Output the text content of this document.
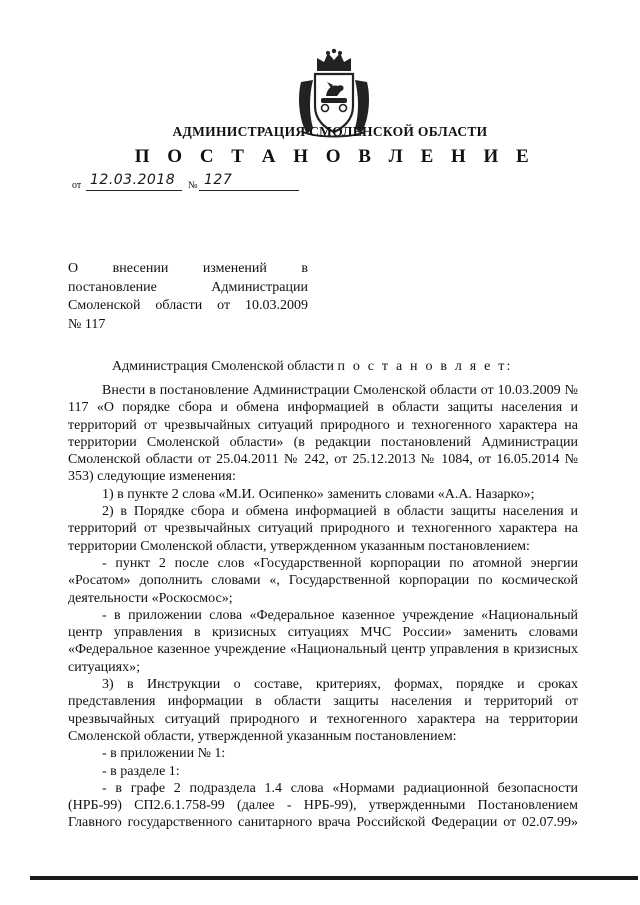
АДМИНИСТРАЦИЯ СМОЛЕНСКОЙ ОБЛАСТИ
П О С Т А Н О В Л Е Н И Е
от 12.03.2018 № 127
О внесении изменений в
постановление Администрации
Смоленской области от 10.03.2009
№ 117
Администрация Смоленской области п о с т а н о в л я е т:

Внести в постановление Администрации Смоленской области от 10.03.2009 № 117 «О порядке сбора и обмена информацией в области защиты населения и территорий от чрезвычайных ситуаций природного и техногенного характера на территории Смоленской области» (в редакции постановлений Администрации Смоленской области от 25.04.2011 № 242, от 25.12.2013 № 1084, от 16.05.2014 № 353) следующие изменения:

1) в пункте 2 слова «М.И. Осипенко» заменить словами «А.А. Назарко»;

2) в Порядке сбора и обмена информацией в области защиты населения и территорий от чрезвычайных ситуаций природного и техногенного характера на территории Смоленской области, утвержденном указанным постановлением:

- пункт 2 после слов «Государственной корпорации по атомной энергии «Росатом» дополнить словами «, Государственной корпорации по космической деятельности «Роскосмос»;

- в приложении слова «Федеральное казенное учреждение «Национальный центр управления в кризисных ситуациях МЧС России» заменить словами «Федеральное казенное учреждение «Национальный центр управления в кризисных ситуациях»;

3) в Инструкции о составе, критериях, формах, порядке и сроках представления информации в области защиты населения и территорий от чрезвычайных ситуаций природного и техногенного характера на территории Смоленской области, утвержденной указанным постановлением:

- в приложении № 1:

- в разделе 1:

- в графе 2 подраздела 1.4 слова «Нормами радиационной безопасности (НРБ-99) СП2.6.1.758-99 (далее - НРБ-99), утвержденными Постановлением Главного государственного санитарного врача Российской Федерации от 02.07.99»
